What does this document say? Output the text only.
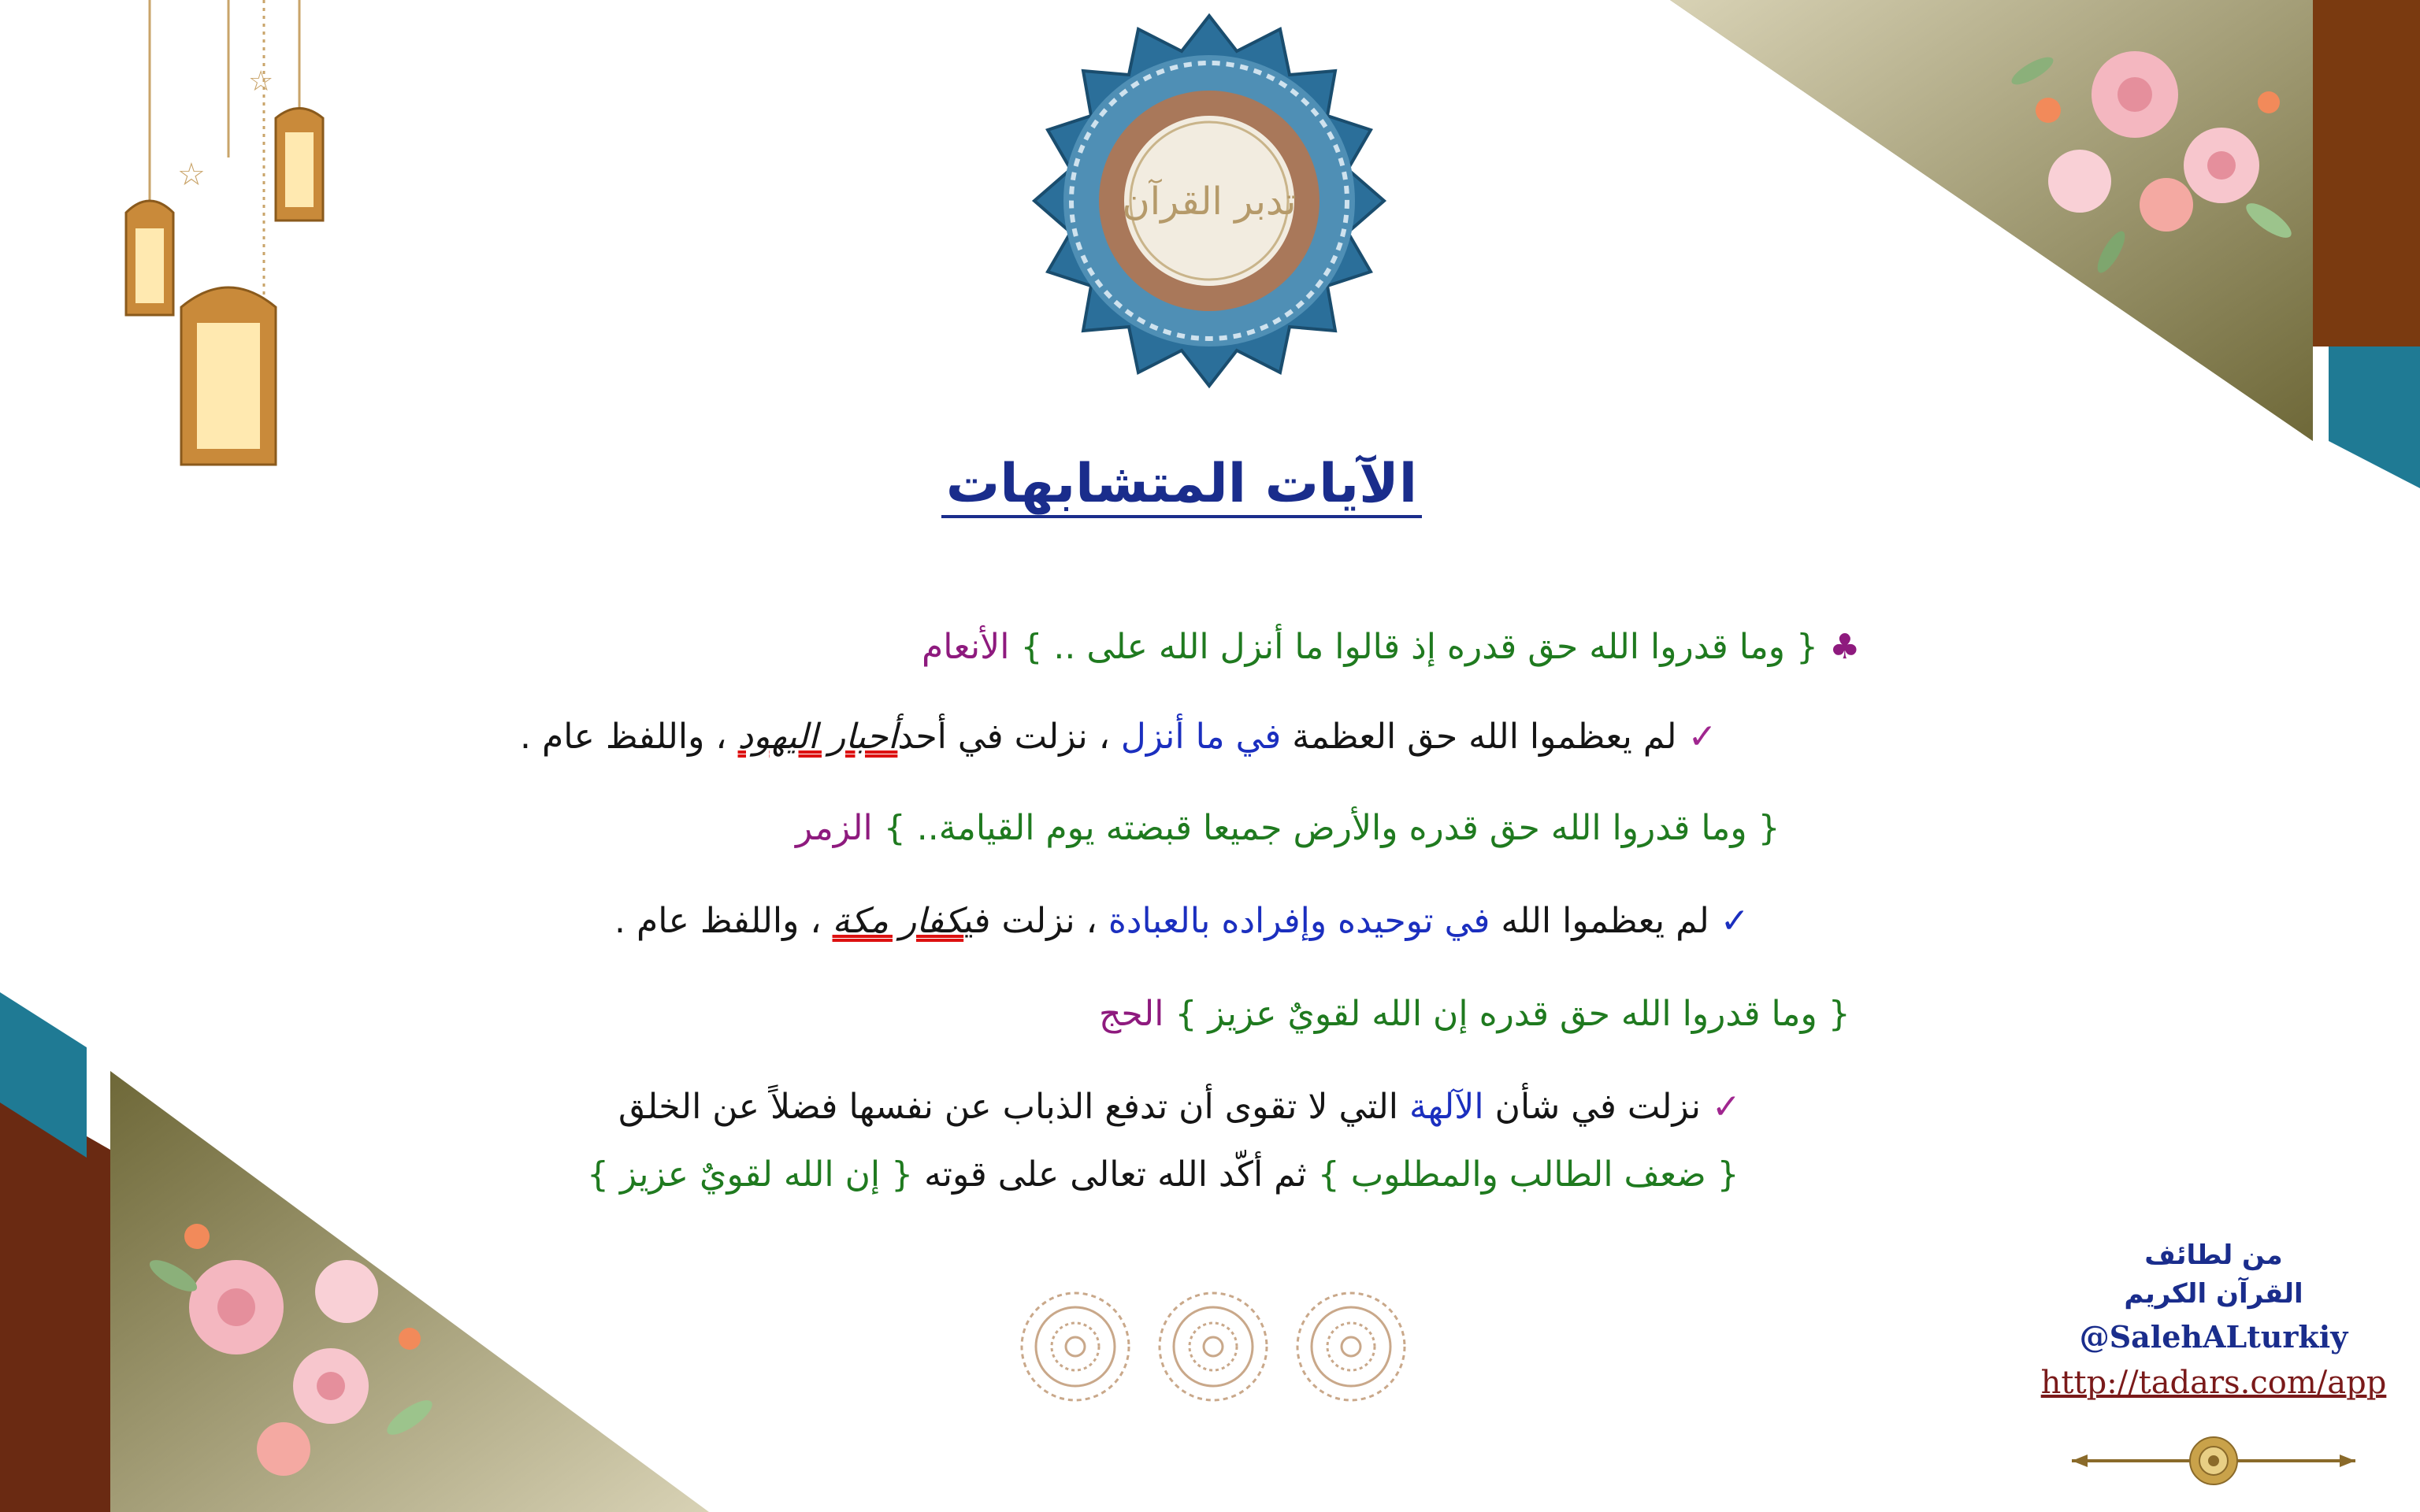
☆
☆
تدبر القرآن
الآيات المتشابهات
♣ { وما قدروا الله حق قدره إذ قالوا ما أنزل الله على .. } الأنعام
✓ لم يعظموا الله حق العظمة في ما أنزل ، نزلت في أحدأحبار اليهود ، واللفظ عام .
{ وما قدروا الله حق قدره والأرض جميعا قبضته يوم القيامة.. } الزمر
✓ لم يعظموا الله في توحيده وإفراده بالعبادة ، نزلت فيكفار مكة ، واللفظ عام .
{ وما قدروا الله حق قدره إن الله لقويٌ عزيز } الحج
✓ نزلت في شأن الآلهة التي لا تقوى أن تدفع الذباب عن نفسها فضلاً عن الخلق
{ ضعف الطالب والمطلوب } ثم أكّد الله تعالى على قوته { إن الله لقويٌ عزيز }
من لطائف
القرآن الكريم
@SalehALturkiy
http://tadars.com/app
